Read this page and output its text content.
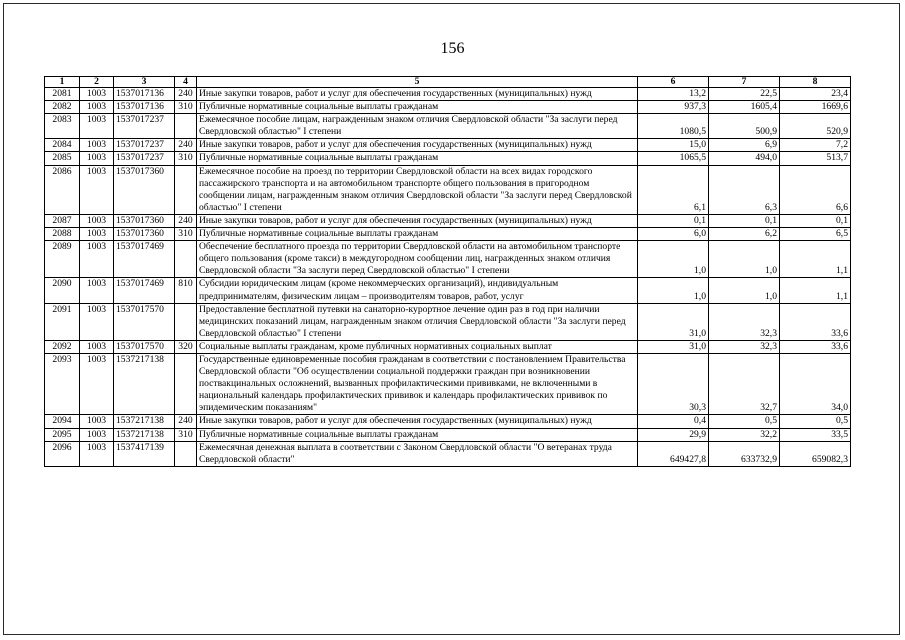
156
1	2	3	4	5	6	7	8
2081	1003	1537017136	240	Иные закупки товаров, работ и услуг для обеспечения государственных (муниципальных) нужд	13,2	22,5	23,4
2082	1003	1537017136	310	Публичные нормативные социальные выплаты гражданам	937,3	1605,4	1669,6
2083	1003	1537017237		Ежемесячное пособие лицам, награжденным знаком отличия Свердловской области "За заслуги перед Свердловской областью" I степени	1080,5	500,9	520,9
2084	1003	1537017237	240	Иные закупки товаров, работ и услуг для обеспечения государственных (муниципальных) нужд	15,0	6,9	7,2
2085	1003	1537017237	310	Публичные нормативные социальные выплаты гражданам	1065,5	494,0	513,7
2086	1003	1537017360		Ежемесячное пособие на проезд по территории Свердловской области на всех видах городского пассажирского транспорта и на автомобильном транспорте общего пользования в пригородном сообщении лицам, награжденным знаком отличия Свердловской области "За заслуги перед Свердловской областью" I степени	6,1	6,3	6,6
2087	1003	1537017360	240	Иные закупки товаров, работ и услуг для обеспечения государственных (муниципальных) нужд	0,1	0,1	0,1
2088	1003	1537017360	310	Публичные нормативные социальные выплаты гражданам	6,0	6,2	6,5
2089	1003	1537017469		Обеспечение бесплатного проезда по территории Свердловской области на автомобильном транспорте общего пользования (кроме такси) в междугородном сообщении лиц, награжденных знаком отличия Свердловской области "За заслуги перед Свердловской областью" I степени	1,0	1,0	1,1
2090	1003	1537017469	810	Субсидии юридическим лицам (кроме некоммерческих организаций), индивидуальным предпринимателям, физическим лицам – производителям товаров, работ, услуг	1,0	1,0	1,1
2091	1003	1537017570		Предоставление бесплатной путевки на санаторно-курортное лечение один раз в год при наличии медицинских показаний лицам, награжденным знаком отличия Свердловской области "За заслуги перед Свердловской областью" I степени	31,0	32,3	33,6
2092	1003	1537017570	320	Социальные выплаты гражданам, кроме публичных нормативных социальных выплат	31,0	32,3	33,6
2093	1003	1537217138		Государственные единовременные пособия гражданам в соответствии с постановлением Правительства Свердловской области "Об осуществлении социальной поддержки граждан при возникновении поствакцинальных осложнений, вызванных профилактическими прививками, не включенными в национальный календарь профилактических прививок и календарь профилактических прививок по эпидемическим показаниям"	30,3	32,7	34,0
2094	1003	1537217138	240	Иные закупки товаров, работ и услуг для обеспечения государственных (муниципальных) нужд	0,4	0,5	0,5
2095	1003	1537217138	310	Публичные нормативные социальные выплаты гражданам	29,9	32,2	33,5
2096	1003	1537417139		Ежемесячная денежная выплата в соответствии с Законом Свердловской области "О ветеранах труда Свердловской области"	649427,8	633732,9	659082,3
